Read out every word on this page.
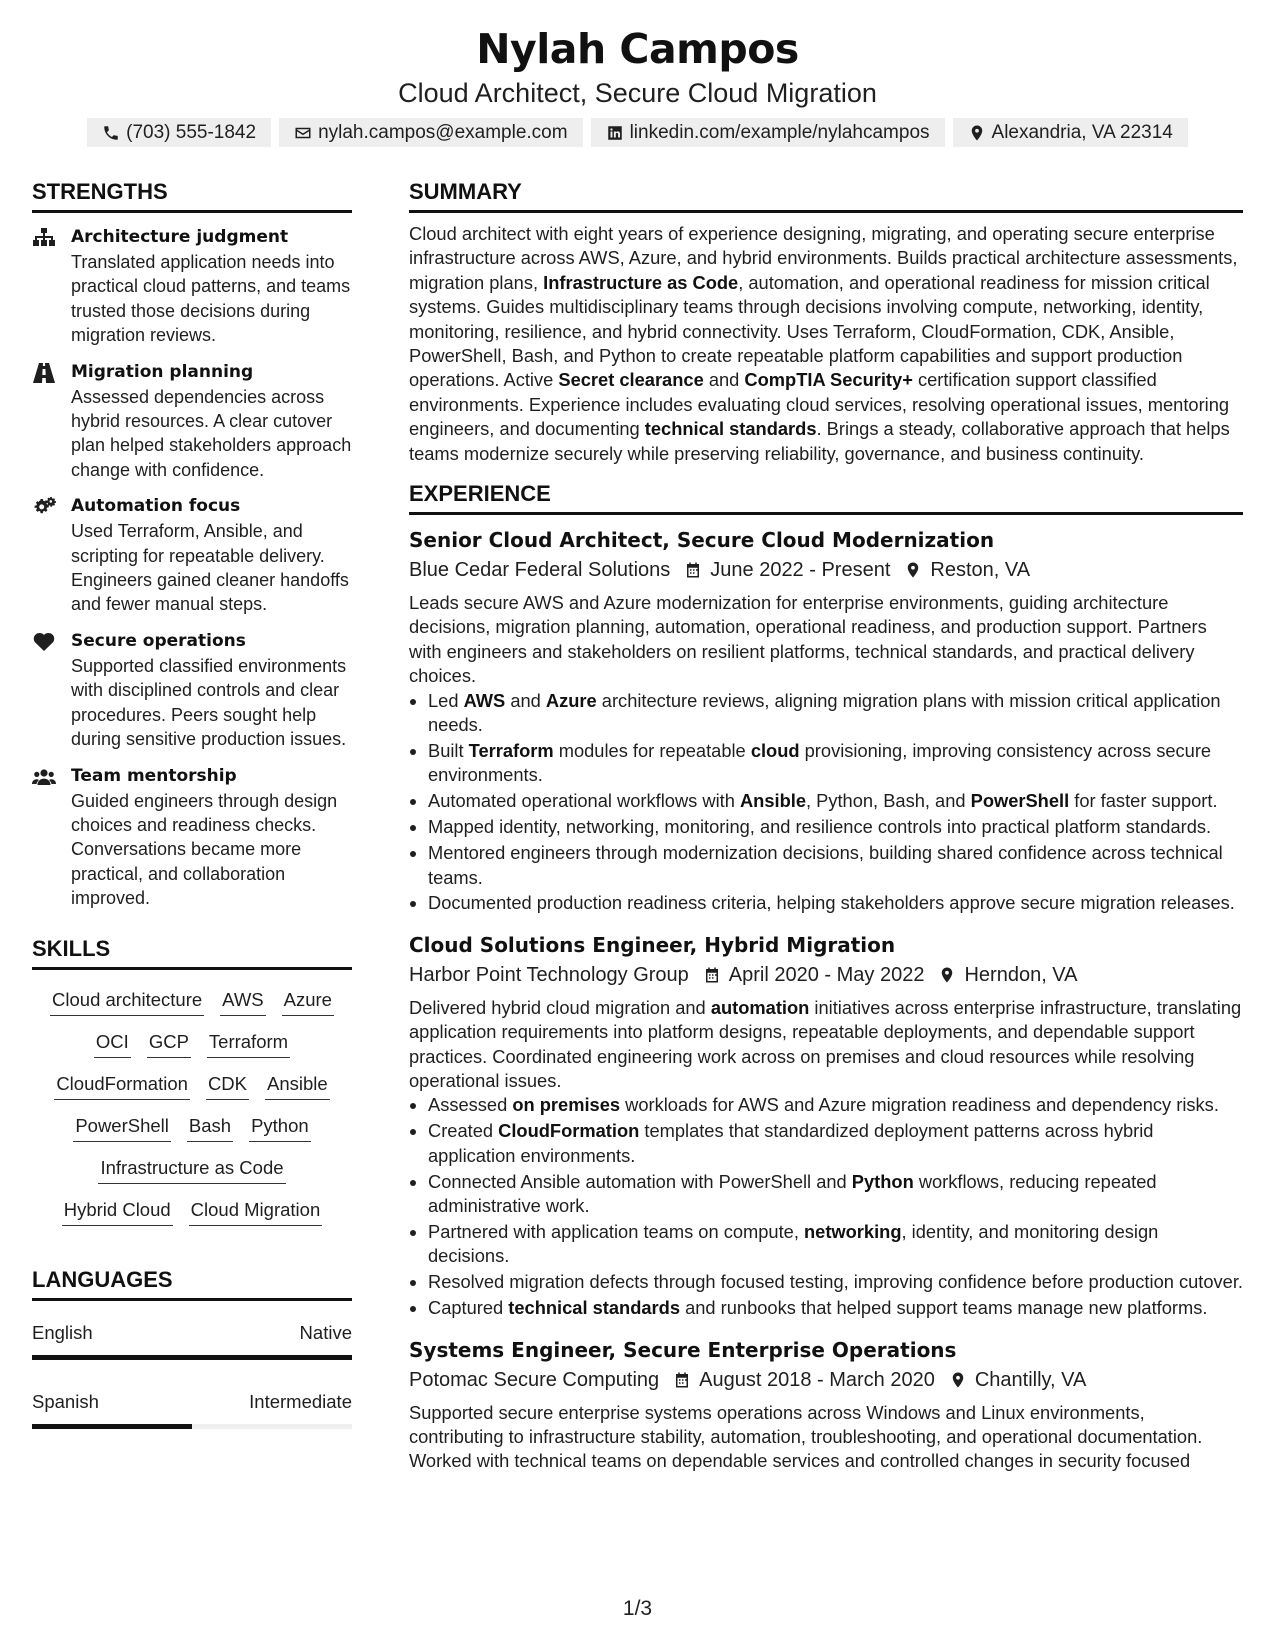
Nylah Campos
Cloud Architect, Secure Cloud Migration
(703) 555-1842	nylah.campos@example.com	linkedin.com/example/nylahcampos	Alexandria, VA 22314
STRENGTHS
Architecture judgment
Translated application needs into practical cloud patterns, and teams trusted those decisions during migration reviews.
Migration planning
Assessed dependencies across hybrid resources. A clear cutover plan helped stakeholders approach change with confidence.
Automation focus
Used Terraform, Ansible, and scripting for repeatable delivery. Engineers gained cleaner handoffs and fewer manual steps.
Secure operations
Supported classified environments with disciplined controls and clear procedures. Peers sought help during sensitive production issues.
Team mentorship
Guided engineers through design choices and readiness checks. Conversations became more practical, and collaboration improved.
SKILLS
Cloud architecture AWS Azure
OCI GCP Terraform
CloudFormation CDK Ansible
PowerShell Bash Python
Infrastructure as Code
Hybrid Cloud Cloud Migration
LANGUAGES
English	Native
Spanish	Intermediate
SUMMARY
Cloud architect with eight years of experience designing, migrating, and operating secure enterprise infrastructure across AWS, Azure, and hybrid environments. Builds practical architecture assessments, migration plans, Infrastructure as Code, automation, and operational readiness for mission critical systems. Guides multidisciplinary teams through decisions involving compute, networking, identity, monitoring, resilience, and hybrid connectivity. Uses Terraform, CloudFormation, CDK, Ansible, PowerShell, Bash, and Python to create repeatable platform capabilities and support production operations. Active Secret clearance and CompTIA Security+ certification support classified environments. Experience includes evaluating cloud services, resolving operational issues, mentoring engineers, and documenting technical standards. Brings a steady, collaborative approach that helps teams modernize securely while preserving reliability, governance, and business continuity.
EXPERIENCE
Senior Cloud Architect, Secure Cloud Modernization
Blue Cedar Federal Solutions June 2022 - Present Reston, VA
Leads secure AWS and Azure modernization for enterprise environments, guiding architecture decisions, migration planning, automation, operational readiness, and production support. Partners with engineers and stakeholders on resilient platforms, technical standards, and practical delivery choices.
• Led AWS and Azure architecture reviews, aligning migration plans with mission critical application needs.
• Built Terraform modules for repeatable cloud provisioning, improving consistency across secure environments.
• Automated operational workflows with Ansible, Python, Bash, and PowerShell for faster support.
• Mapped identity, networking, monitoring, and resilience controls into practical platform standards.
• Mentored engineers through modernization decisions, building shared confidence across technical teams.
• Documented production readiness criteria, helping stakeholders approve secure migration releases.
Cloud Solutions Engineer, Hybrid Migration
Harbor Point Technology Group April 2020 - May 2022 Herndon, VA
Delivered hybrid cloud migration and automation initiatives across enterprise infrastructure, translating application requirements into platform designs, repeatable deployments, and dependable support practices. Coordinated engineering work across on premises and cloud resources while resolving operational issues.
• Assessed on premises workloads for AWS and Azure migration readiness and dependency risks.
• Created CloudFormation templates that standardized deployment patterns across hybrid application environments.
• Connected Ansible automation with PowerShell and Python workflows, reducing repeated administrative work.
• Partnered with application teams on compute, networking, identity, and monitoring design decisions.
• Resolved migration defects through focused testing, improving confidence before production cutover.
• Captured technical standards and runbooks that helped support teams manage new platforms.
Systems Engineer, Secure Enterprise Operations
Potomac Secure Computing August 2018 - March 2020 Chantilly, VA
Supported secure enterprise systems operations across Windows and Linux environments, contributing to infrastructure stability, automation, troubleshooting, and operational documentation. Worked with technical teams on dependable services and controlled changes in security focused
1/3
